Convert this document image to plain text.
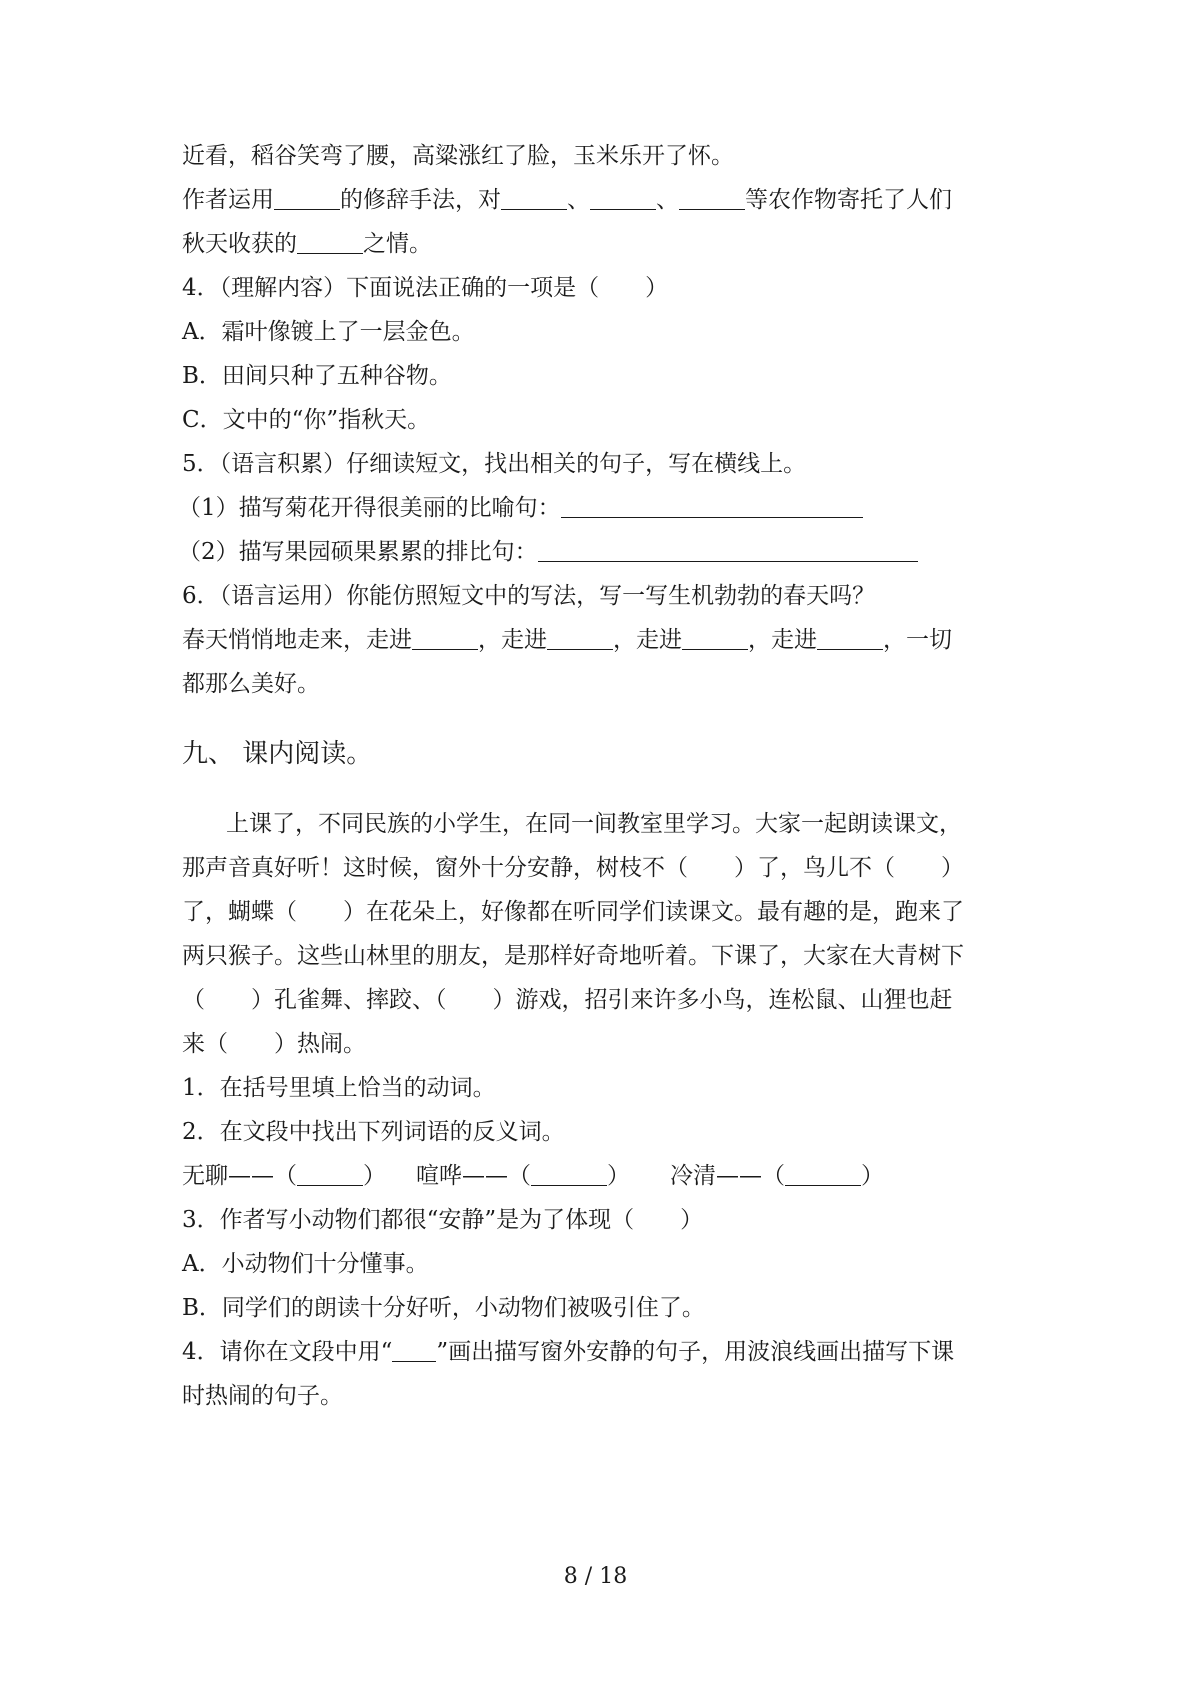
近看，稻谷笑弯了腰，高粱涨红了脸，玉米乐开了怀。
作者运用	的修辞手法，对	、	、	等农作物寄托了人们
秋天收获的	之情。
4．（理解内容）下面说法正确的一项是（　　）
A．霜叶像镀上了一层金色。
B．田间只种了五种谷物。
C．文中的“你”指秋天。
5．（语言积累）仔细读短文，找出相关的句子，写在横线上。
（1）描写菊花开得很美丽的比喻句：
（2）描写果园硕果累累的排比句：
6．（语言运用）你能仿照短文中的写法，写一写生机勃勃的春天吗？
春天悄悄地走来，走进	，走进	，走进	，走进	，一切
都那么美好。
九、 课内阅读。
上课了，不同民族的小学生，在同一间教室里学习。大家一起朗读课文，
那声音真好听！这时候，窗外十分安静，树枝不（　　）了，鸟儿不（　　）
了，蝴蝶（　　）在花朵上，好像都在听同学们读课文。最有趣的是，跑来了
两只猴子。这些山林里的朋友，是那样好奇地听着。下课了，大家在大青树下
（　　）孔雀舞、摔跤、（　　）游戏，招引来许多小鸟，连松鼠、山狸也赶
来（　　）热闹。
1．在括号里填上恰当的动词。
2．在文段中找出下列词语的反义词。
无聊——（	） 喧哗——（	） 冷清——（	）
3．作者写小动物们都很“安静”是为了体现（　　）
A．小动物们十分懂事。
B．同学们的朗读十分好听，小动物们被吸引住了。
4．请你在文段中用“ ”画出描写窗外安静的句子，用波浪线画出描写下课
时热闹的句子。
8 / 18
